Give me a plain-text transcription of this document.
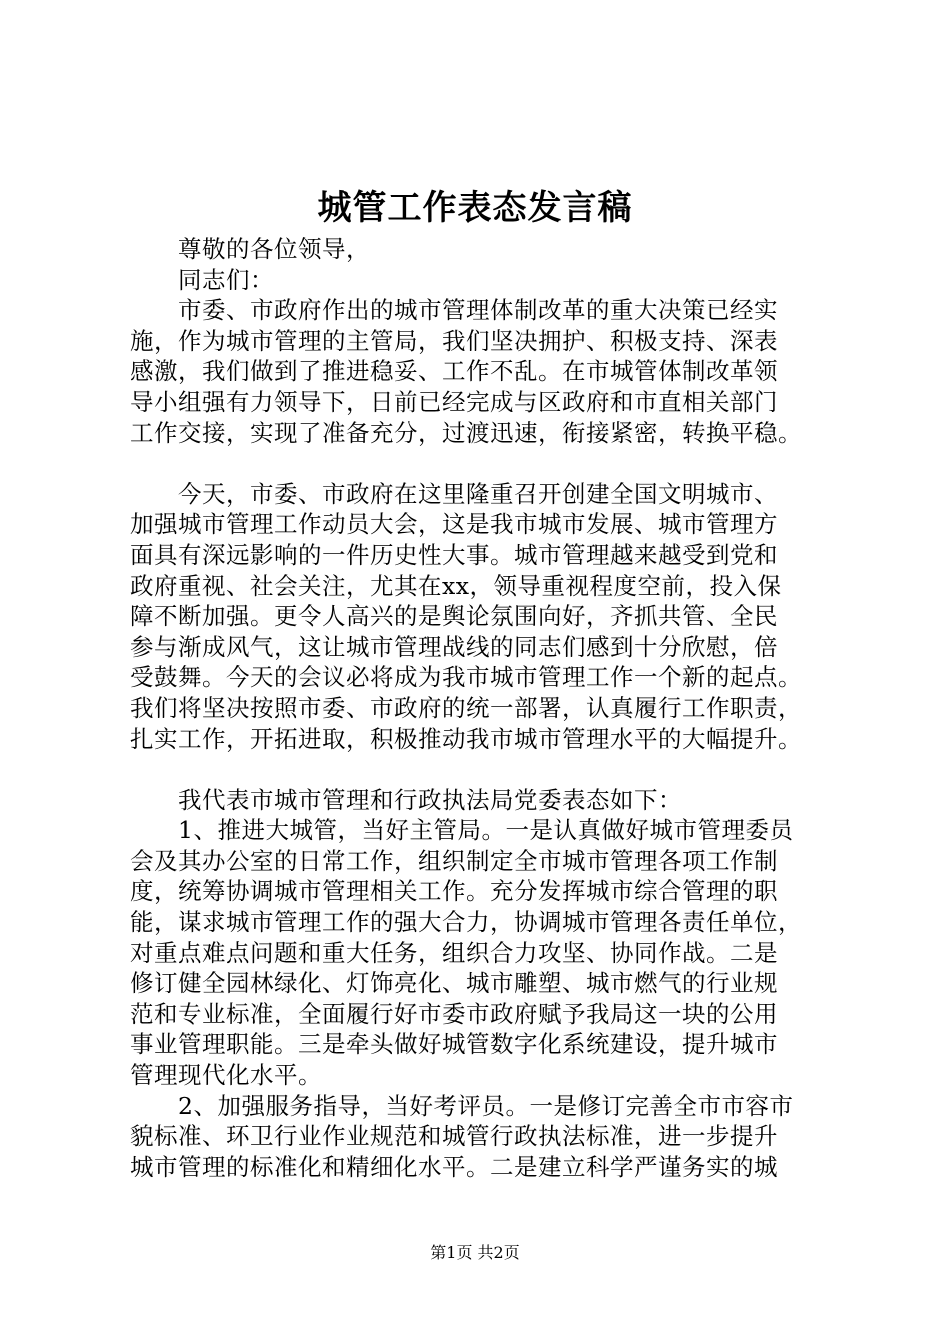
城管工作表态发言稿
尊敬的各位领导，
同志们：
市委、市政府作出的城市管理体制改革的重大决策已经实
施，作为城市管理的主管局，我们坚决拥护、积极支持、深表
感激，我们做到了推进稳妥、工作不乱。在市城管体制改革领
导小组强有力领导下，日前已经完成与区政府和市直相关部门
工作交接，实现了准备充分，过渡迅速，衔接紧密，转换平稳。
今天，市委、市政府在这里隆重召开创建全国文明城市、
加强城市管理工作动员大会，这是我市城市发展、城市管理方
面具有深远影响的一件历史性大事。城市管理越来越受到党和
政府重视、社会关注，尤其在xx，领导重视程度空前，投入保
障不断加强。更令人高兴的是舆论氛围向好，齐抓共管、全民
参与渐成风气，这让城市管理战线的同志们感到十分欣慰，倍
受鼓舞。今天的会议必将成为我市城市管理工作一个新的起点。
我们将坚决按照市委、市政府的统一部署，认真履行工作职责，
扎实工作，开拓进取，积极推动我市城市管理水平的大幅提升。
我代表市城市管理和行政执法局党委表态如下：
1、推进大城管，当好主管局。一是认真做好城市管理委员
会及其办公室的日常工作，组织制定全市城市管理各项工作制
度，统筹协调城市管理相关工作。充分发挥城市综合管理的职
能，谋求城市管理工作的强大合力，协调城市管理各责任单位，
对重点难点问题和重大任务，组织合力攻坚、协同作战。二是
修订健全园林绿化、灯饰亮化、城市雕塑、城市燃气的行业规
范和专业标准，全面履行好市委市政府赋予我局这一块的公用
事业管理职能。三是牵头做好城管数字化系统建设，提升城市
管理现代化水平。
2、加强服务指导，当好考评员。一是修订完善全市市容市
貌标准、环卫行业作业规范和城管行政执法标准，进一步提升
城市管理的标准化和精细化水平。二是建立科学严谨务实的城
第1页 共2页
